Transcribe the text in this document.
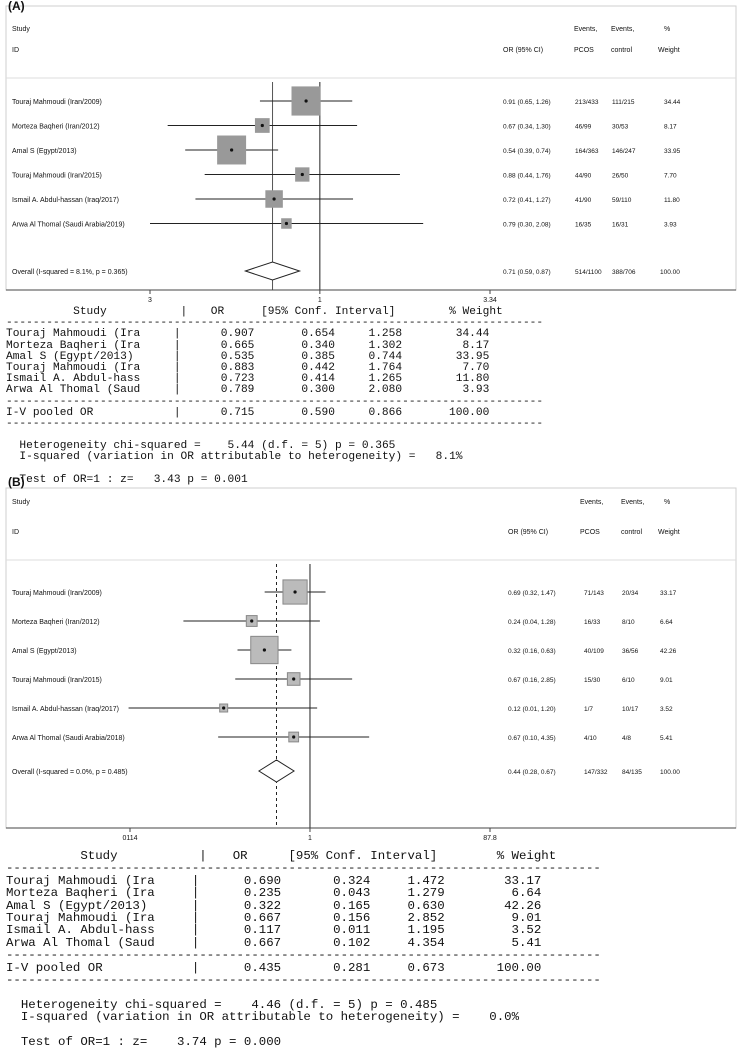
(A)
Study
ID	OR (95% CI)
Events,
PCOS
Events,
control
%
Weight
3	1	3.34
Touraj Mahmoudi (Iran/2009)	0.91 (0.65, 1.26)	213/433 111/215	34.44
Morteza Baqheri (Iran/2012)	0.67 (0.34, 1.30)	46/99	30/53	8.17
Amal S (Egypt/2013)	0.54 (0.39, 0.74)	164/363 146/247	33.95
Touraj Mahmoudi (Iran/2015)	0.88 (0.44, 1.76)	44/90	26/50	7.70
Ismail A. Abdul-hassan (Iraq/2017)	0.72 (0.41, 1.27)	41/90	59/110	11.80
Arwa Al Thomal (Saudi Arabia/2019)	0.79 (0.30, 2.08)	16/35	16/31	3.93
Overall (I-squared = 8.1%, p = 0.365)	0.71 (0.59, 0.87)	514/1100 388/706	100.00
Study	| OR	[95% Conf. Interval]	% Weight
--------------------------------------------------------------------------------
Touraj Mahmoudi (Ira	|	0.907	0.654	1.258	34.44
Morteza Baqheri (Ira	|	0.665	0.340	1.302	8.17
Amal S (Egypt/2013)	|	0.535	0.385	0.744	33.95
Touraj Mahmoudi (Ira	|	0.883	0.442	1.764	7.70
Ismail A. Abdul-hass	|	0.723	0.414	1.265	11.80
Arwa Al Thomal (Saud	|	0.789	0.300	2.080	3.93
--------------------------------------------------------------------------------
I-V pooled OR	|	0.715	0.590	0.866	100.00
--------------------------------------------------------------------------------
Heterogeneity chi-squared =    5.44 (d.f. = 5) p = 0.365
I-squared (variation in OR attributable to heterogeneity) =   8.1%
Test of OR=1 : z=   3.43 p = 0.001
(B)
Study
ID	OR (95% CI)
Events,
PCOS
Events,
control
%
Weight
0114	1	87.8
Touraj Mahmoudi (Iran/2009)	0.69 (0.32, 1.47)	71/143	20/34	33.17
Morteza Baqheri (Iran/2012)	0.24 (0.04, 1.28)	16/33	8/10	6.64
Amal S (Egypt/2013)	0.32 (0.16, 0.63)	40/109	36/56	42.26
Touraj Mahmoudi (Iran/2015)	0.67 (0.16, 2.85)	15/30	6/10	9.01
Ismail A. Abdul-hassan (Iraq/2017)	0.12 (0.01, 1.20)	1/7	10/17	3.52
Arwa Al Thomal (Saudi Arabia/2018)	0.67 (0.10, 4.35)	4/10	4/8	5.41
Overall (I-squared = 0.0%, p = 0.485)	0.44 (0.28, 0.67)	147/332 84/135	100.00
Study	| OR	[95% Conf. Interval]	% Weight
--------------------------------------------------------------------------------
Touraj Mahmoudi (Ira	|	0.690	0.324	1.472	33.17
Morteza Baqheri (Ira	|	0.235	0.043	1.279	6.64
Amal S (Egypt/2013)	|	0.322	0.165	0.630	42.26
Touraj Mahmoudi (Ira	|	0.667	0.156	2.852	9.01
Ismail A. Abdul-hass	|	0.117	0.011	1.195	3.52
Arwa Al Thomal (Saud	|	0.667	0.102	4.354	5.41
--------------------------------------------------------------------------------
I-V pooled OR	|	0.435	0.281	0.673	100.00
--------------------------------------------------------------------------------
Heterogeneity chi-squared =    4.46 (d.f. = 5) p = 0.485
I-squared (variation in OR attributable to heterogeneity) =    0.0%
Test of OR=1 : z=    3.74 p = 0.000
